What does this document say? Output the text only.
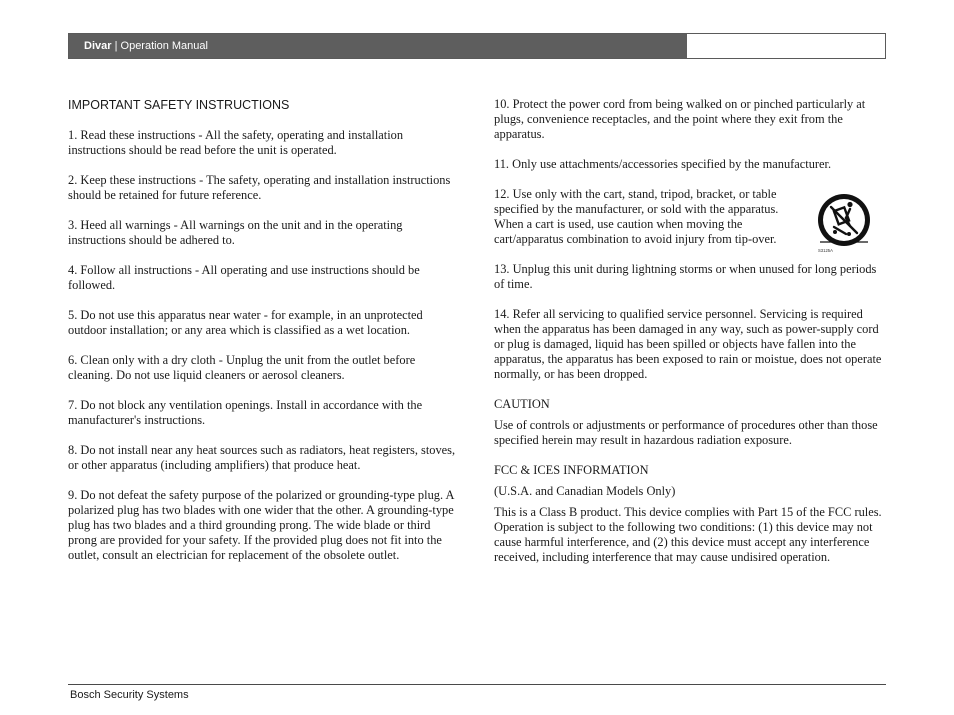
Divar | Operation Manual
IMPORTANT SAFETY INSTRUCTIONS

1. Read these instructions - All the safety, operating and installation instructions should be read before the unit is operated.

2. Keep these instructions - The safety, operating and installation instructions should be retained for future reference.

3. Heed all warnings - All warnings on the unit and in the operating instructions should be adhered to.

4. Follow all instructions - All operating and use instructions should be followed.

5. Do not use this apparatus near water - for example, in an unprotected outdoor installation; or any area which is classified as a wet location.

6. Clean only with a dry cloth - Unplug the unit from the outlet before cleaning. Do not use liquid cleaners or aerosol cleaners.

7. Do not block any ventilation openings. Install in accordance with the manufacturer's instructions.

8. Do not install near any heat sources such as radiators, heat registers, stoves, or other apparatus (including amplifiers) that produce heat.

9. Do not defeat the safety purpose of the polarized or grounding-type plug. A polarized plug has two blades with one wider that the other. A grounding-type plug has two blades and a third grounding prong. The wide blade or third prong are provided for your safety. If the provided plug does not fit into the outlet, consult an electrician for replacement of the obsolete outlet.

10. Protect the power cord from being walked on or pinched particularly at plugs, convenience receptacles, and the point where they exit from the apparatus.

11. Only use attachments/accessories specified by the manufacturer.

12. Use only with the cart, stand, tripod, bracket, or table specified by the manufacturer, or sold with the apparatus. When a cart is used, use caution when moving the cart/apparatus combination to avoid injury from tip-over.

S3125A

13. Unplug this unit during lightning storms or when unused for long periods of time.

14. Refer all servicing to qualified service personnel. Servicing is required when the apparatus has been damaged in any way, such as power-supply cord or plug is damaged, liquid has been spilled or objects have fallen into the apparatus, the apparatus has been exposed to rain or moistue, does not operate normally, or has been dropped.

CAUTION

Use of controls or adjustments or performance of procedures other than those specified herein may result in hazardous radiation exposure.

FCC & ICES INFORMATION

(U.S.A. and Canadian Models Only)

This is a Class B product. This device complies with Part 15 of the FCC rules. Operation is subject to the following two conditions: (1) this device may not cause harmful interference, and (2) this device must accept any interference received, including interference that may cause undisired operation.

Bosch Security Systems
